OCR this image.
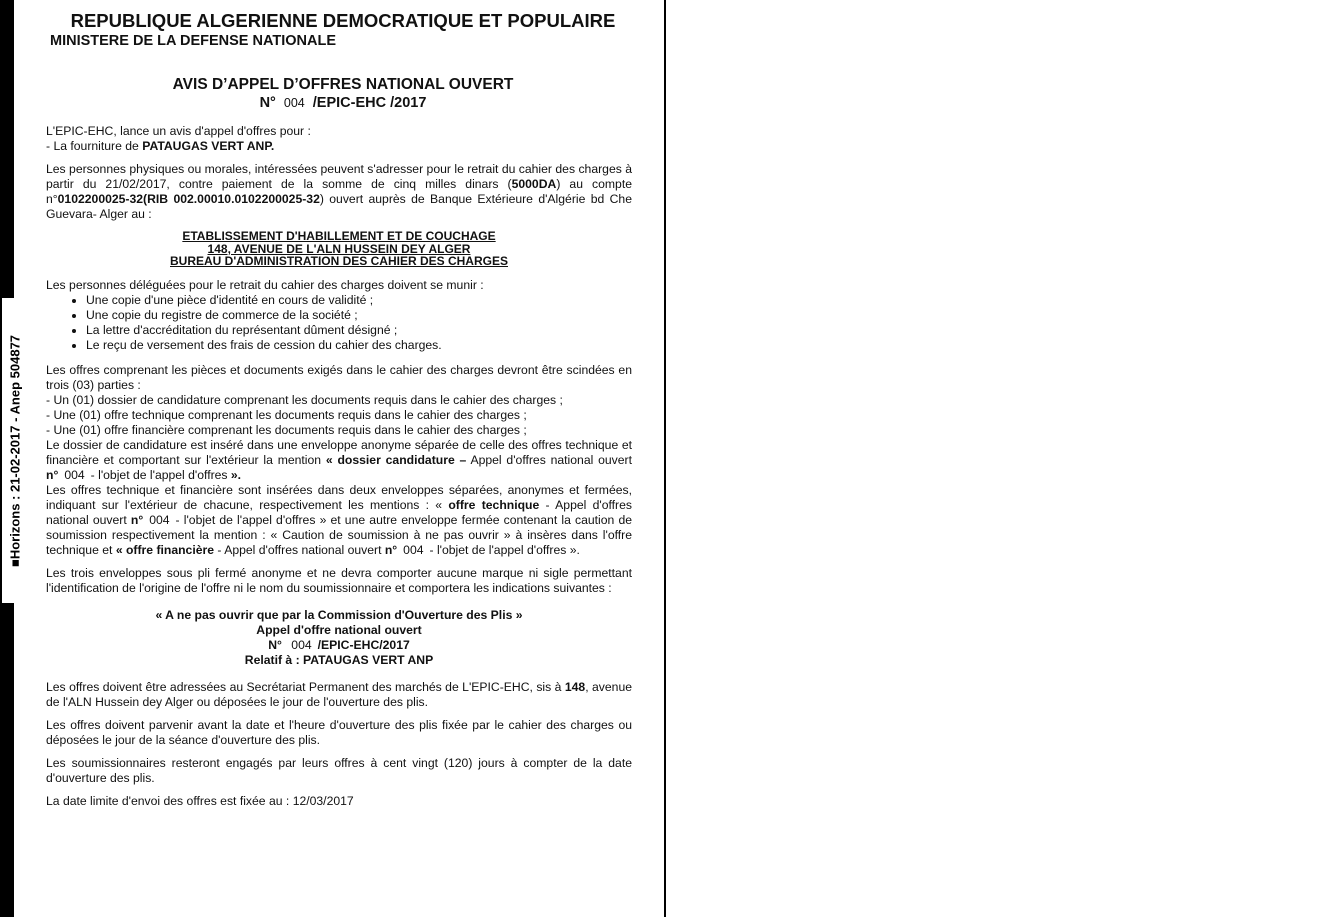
■Horizons : 21-02-2017 - Anep 504877
REPUBLIQUE ALGERIENNE DEMOCRATIQUE ET POPULAIRE
MINISTERE DE LA DEFENSE NATIONALE
AVIS D’APPEL D’OFFRES NATIONAL OUVERT
N° 004 /EPIC-EHC /2017

L'EPIC-EHC, lance un avis d'appel d'offres pour :

- La fourniture de PATAUGAS VERT ANP.

Les personnes physiques ou morales, intéressées peuvent s'adresser pour le retrait du cahier des charges à partir du 21/02/2017, contre paiement de la somme de cinq milles dinars (5000DA) au compte n°0102200025-32(RIB 002.00010.0102200025-32) ouvert auprès de Banque Extérieure d'Algérie bd Che Guevara- Alger au :

ETABLISSEMENT D'HABILLEMENT ET DE COUCHAGE
148, AVENUE DE L'ALN HUSSEIN DEY ALGER
BUREAU D'ADMINISTRATION DES CAHIER DES CHARGES

Les personnes déléguées pour le retrait du cahier des charges doivent se munir :

• Une copie d'une pièce d'identité en cours de validité ;
• Une copie du registre de commerce de la société ;
• La lettre d'accréditation du représentant dûment désigné ;
• Le reçu de versement des frais de cession du cahier des charges.

Les offres comprenant les pièces et documents exigés dans le cahier des charges devront être scindées en trois (03) parties :

- Un (01) dossier de candidature comprenant les documents requis dans le cahier des charges ;

- Une (01) offre technique comprenant les documents requis dans le cahier des charges ;

- Une (01) offre financière comprenant les documents requis dans le cahier des charges ;

Le dossier de candidature est inséré dans une enveloppe anonyme séparée de celle des offres technique et financière et comportant sur l'extérieur la mention « dossier candidature – Appel d'offres national ouvert n° 004 - l'objet de l'appel d'offres ».

Les offres technique et financière sont insérées dans deux enveloppes séparées, anonymes et fermées, indiquant sur l'extérieur de chacune, respectivement les mentions : « offre technique - Appel d'offres national ouvert n° 004 - l'objet de l'appel d'offres » et une autre enveloppe fermée contenant la caution de soumission respectivement la mention : « Caution de soumission à ne pas ouvrir » à insères dans l'offre technique et « offre financière - Appel d'offres national ouvert n° 004 - l'objet de l'appel d'offres ».

Les trois enveloppes sous pli fermé anonyme et ne devra comporter aucune marque ni sigle permettant l'identification de l'origine de l'offre ni le nom du soumissionnaire et comportera les indications suivantes :

« A ne pas ouvrir que par la Commission d'Ouverture des Plis »
Appel d'offre national ouvert
N° 004 /EPIC-EHC/2017
Relatif à : PATAUGAS VERT ANP

Les offres doivent être adressées au Secrétariat Permanent des marchés de L'EPIC-EHC, sis à 148, avenue de l'ALN Hussein dey Alger ou déposées le jour de l'ouverture des plis.

Les offres doivent parvenir avant la date et l'heure d'ouverture des plis fixée par le cahier des charges ou déposées le jour de la séance d'ouverture des plis.

Les soumissionnaires resteront engagés par leurs offres à cent vingt (120) jours à compter de la date d'ouverture des plis.

La date limite d'envoi des offres est fixée au : 12/03/2017
